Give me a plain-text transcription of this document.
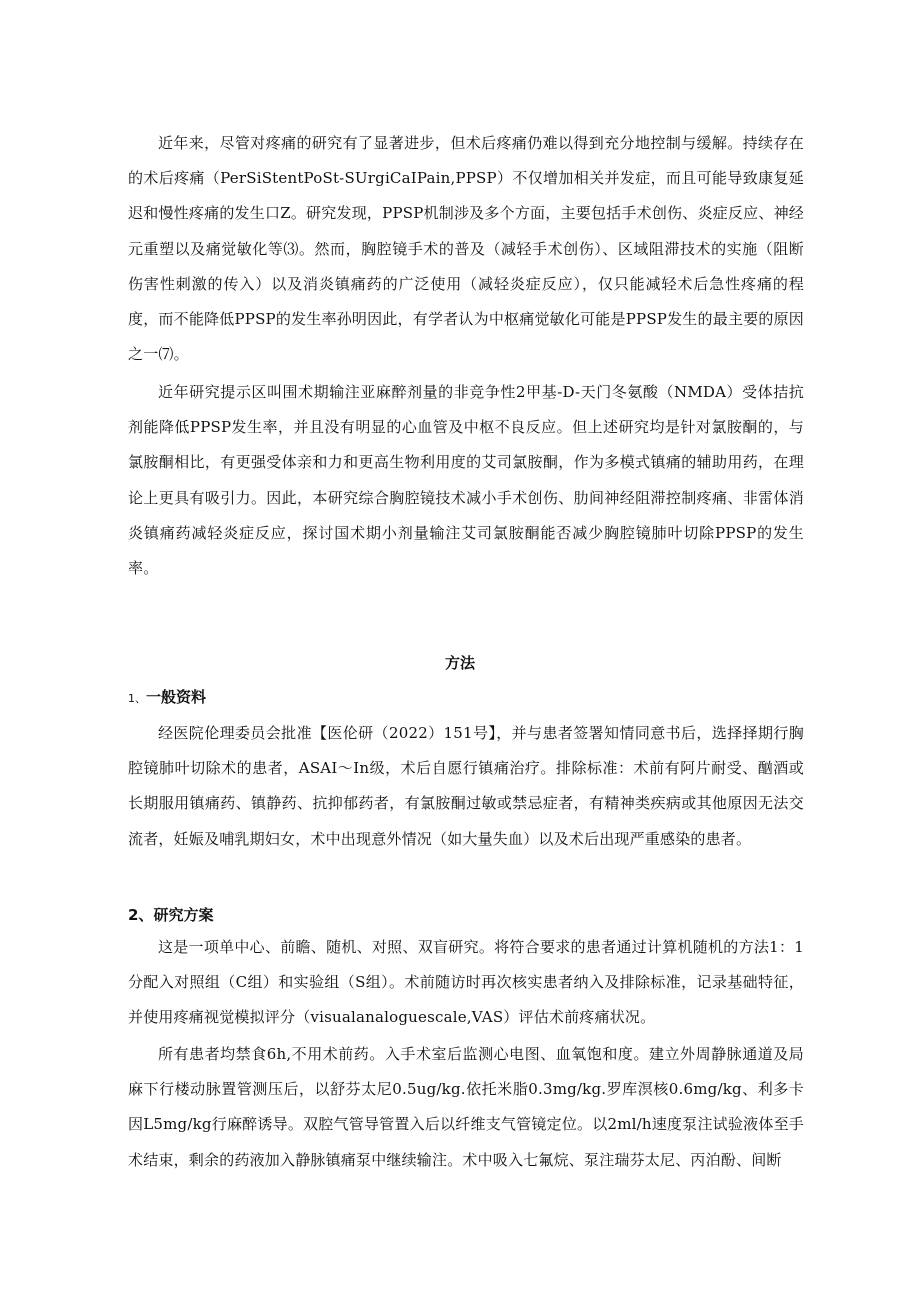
近年来，尽管对疼痛的研究有了显著进步，但术后疼痛仍难以得到充分地控制与缓解。持续存在的术后疼痛（PerSiStentPoSt-SUrgiCaIPain,PPSP）不仅增加相关并发症，而且可能导致康复延迟和慢性疼痛的发生口Z。研究发现，PPSP机制涉及多个方面，主要包括手术创伤、炎症反应、神经元重塑以及痛觉敏化等⑶。然而，胸腔镜手术的普及（减轻手术创伤）、区域阻滞技术的实施（阻断伤害性刺激的传入）以及消炎镇痛药的广泛使用（减轻炎症反应），仅只能减轻术后急性疼痛的程度，而不能降低PPSP的发生率孙明因此，有学者认为中枢痛觉敏化可能是PPSP发生的最主要的原因之一⑺。

近年研究提示区叫围术期输注亚麻醉剂量的非竞争性2甲基-D-天门冬氨酸（NMDA）受体拮抗剂能降低PPSP发生率，并且没有明显的心血管及中枢不良反应。但上述研究均是针对氯胺酮的，与氯胺酮相比，有更强受体亲和力和更高生物利用度的艾司氯胺酮，作为多模式镇痛的辅助用药，在理论上更具有吸引力。因此，本研究综合胸腔镜技术减小手术创伤、肋间神经阻滞控制疼痛、非雷体消炎镇痛药减轻炎症反应，探讨国术期小剂量输注艾司氯胺酮能否减少胸腔镜肺叶切除PPSP的发生率。

方法
1、一般资料

经医院伦理委员会批准【医伦研（2022）151号】，并与患者签署知情同意书后，选择择期行胸腔镜肺叶切除术的患者，ASAI～In级，术后自愿行镇痛治疗。排除标准：术前有阿片耐受、酗酒或长期服用镇痛药、镇静药、抗抑郁药者，有氯胺酮过敏或禁忌症者，有精神类疾病或其他原因无法交流者，妊娠及哺乳期妇女，术中出现意外情况（如大量失血）以及术后出现严重感染的患者。

2、研究方案

这是一项单中心、前瞻、随机、对照、双盲研究。将符合要求的患者通过计算机随机的方法1：1分配入对照组（C组）和实验组（S组）。术前随访时再次核实患者纳入及排除标准，记录基础特征，并使用疼痛视觉模拟评分（visualanaloguescale,VAS）评估术前疼痛状况。

所有患者均禁食6h,不用术前药。入手术室后监测心电图、血氧饱和度。建立外周静脉通道及局麻下行楼动脉置管测压后，以舒芬太尼0.5ug/kg.依托米脂0.3mg/kg.罗库溟核0.6mg/kg、利多卡因L5mg/kg行麻醉诱导。双腔气管导管置入后以纤维支气管镜定位。以2ml/h速度泵注试验液体至手术结束，剩余的药液加入静脉镇痛泵中继续输注。术中吸入七氟烷、泵注瑞芬太尼、丙泊酚、间断
